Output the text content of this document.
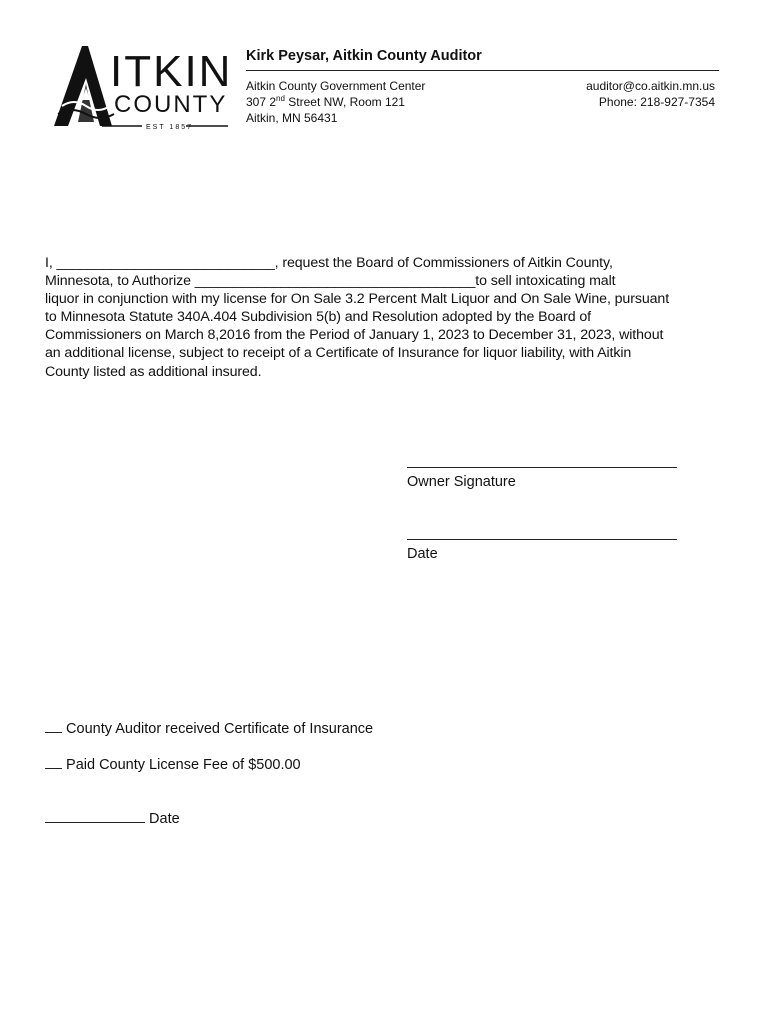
ITKIN
COUNTY
EST 1857
Kirk Peysar, Aitkin County Auditor
Aitkin County Government Center
307 2nd Street NW, Room 121
Aitkin, MN 56431
auditor@co.aitkin.mn.us
Phone: 218-927-7354
I, ____________________________, request the Board of Commissioners of Aitkin County,
Minnesota, to Authorize ____________________________________to sell intoxicating malt
liquor in conjunction with my license for On Sale 3.2 Percent Malt Liquor and On Sale Wine, pursuant
to Minnesota Statute 340A.404 Subdivision 5(b) and Resolution adopted by the Board of
Commissioners on March 8,2016 from the Period of January 1, 2023 to December 31, 2023, without
an additional license, subject to receipt of a Certificate of Insurance for liquor liability, with Aitkin
County listed as additional insured.
Owner Signature
Date
County Auditor received Certificate of Insurance
Paid County License Fee of $500.00
Date
